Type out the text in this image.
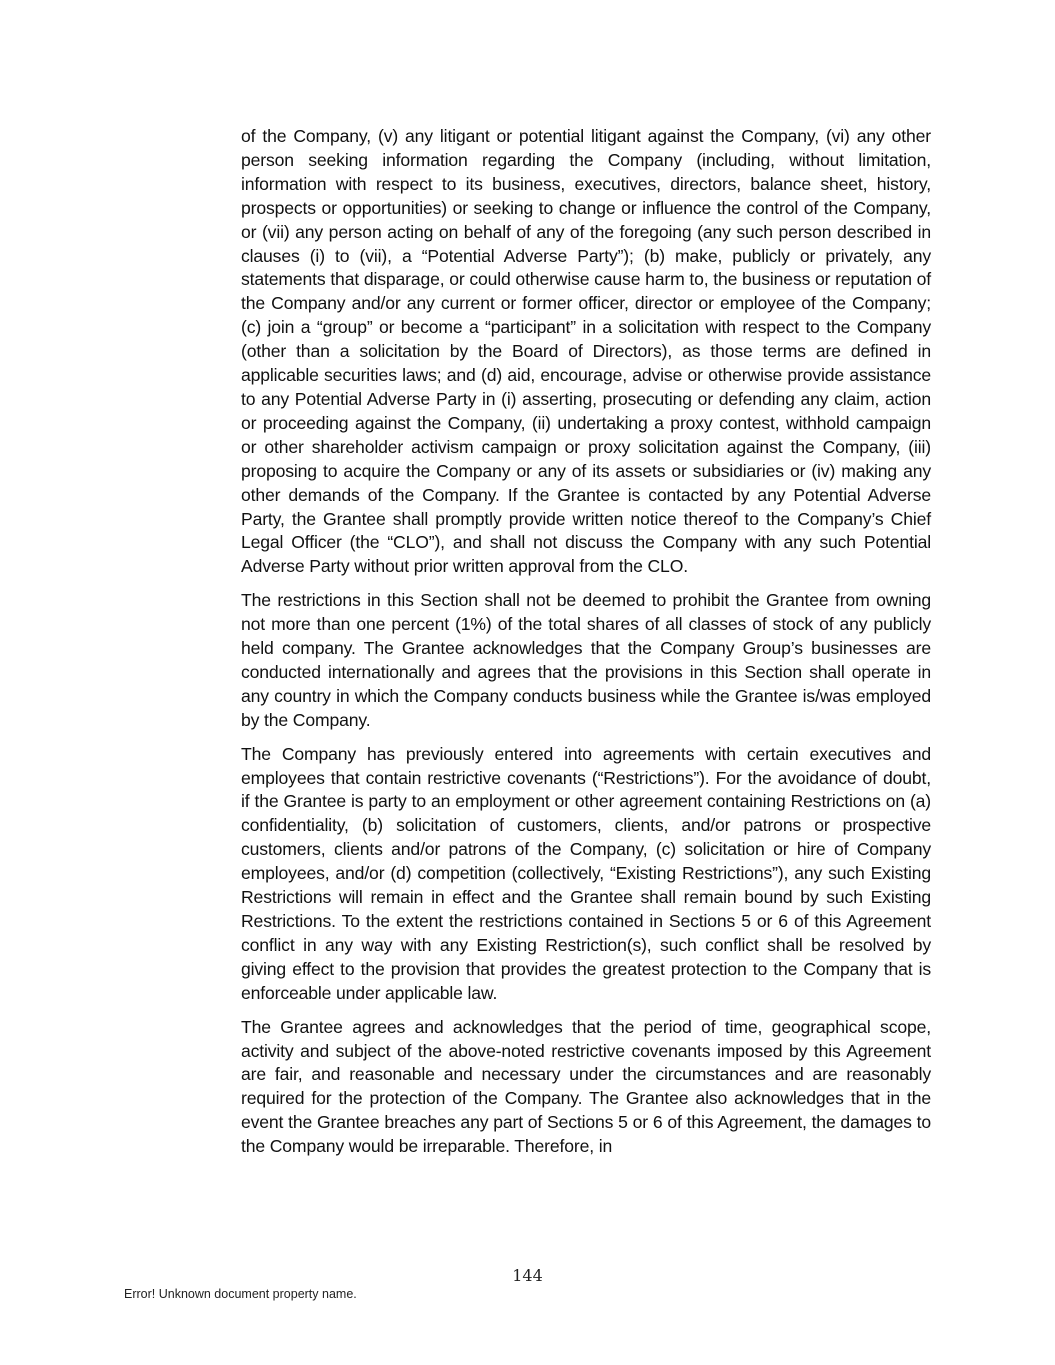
of the Company, (v) any litigant or potential litigant against the Company, (vi) any other person seeking information regarding the Company (including, without limitation, information with respect to its business, executives, directors, balance sheet, history, prospects or opportunities) or seeking to change or influence the control of the Company, or (vii) any person acting on behalf of any of the foregoing (any such person described in clauses (i) to (vii), a “Potential Adverse Party”); (b) make, publicly or privately, any statements that disparage, or could otherwise cause harm to, the business or reputation of the Company and/or any current or former officer, director or employee of the Company; (c) join a “group” or become a “participant” in a solicitation with respect to the Company (other than a solicitation by the Board of Directors), as those terms are defined in applicable securities laws; and (d) aid, encourage, advise or otherwise provide assistance to any Potential Adverse Party in (i) asserting, prosecuting or defending any claim, action or proceeding against the Company, (ii) undertaking a proxy contest, withhold campaign or other shareholder activism campaign or proxy solicitation against the Company, (iii) proposing to acquire the Company or any of its assets or subsidiaries or (iv) making any other demands of the Company. If the Grantee is contacted by any Potential Adverse Party, the Grantee shall promptly provide written notice thereof to the Company’s Chief Legal Officer (the “CLO”), and shall not discuss the Company with any such Potential Adverse Party without prior written approval from the CLO.

The restrictions in this Section shall not be deemed to prohibit the Grantee from owning not more than one percent (1%) of the total shares of all classes of stock of any publicly held company. The Grantee acknowledges that the Company Group’s businesses are conducted internationally and agrees that the provisions in this Section shall operate in any country in which the Company conducts business while the Grantee is/was employed by the Company.

The Company has previously entered into agreements with certain executives and employees that contain restrictive covenants (“Restrictions”). For the avoidance of doubt, if the Grantee is party to an employment or other agreement containing Restrictions on (a) confidentiality, (b) solicitation of customers, clients, and/or patrons or prospective customers, clients and/or patrons of the Company, (c) solicitation or hire of Company employees, and/or (d) competition (collectively, “Existing Restrictions”), any such Existing Restrictions will remain in effect and the Grantee shall remain bound by such Existing Restrictions. To the extent the restrictions contained in Sections 5 or 6 of this Agreement conflict in any way with any Existing Restriction(s), such conflict shall be resolved by giving effect to the provision that provides the greatest protection to the Company that is enforceable under applicable law.

The Grantee agrees and acknowledges that the period of time, geographical scope, activity and subject of the above-noted restrictive covenants imposed by this Agreement are fair, and reasonable and necessary under the circumstances and are reasonably required for the protection of the Company. The Grantee also acknowledges that in the event the Grantee breaches any part of Sections 5 or 6 of this Agreement, the damages to the Company would be irreparable. Therefore, in

144
Error! Unknown document property name.
